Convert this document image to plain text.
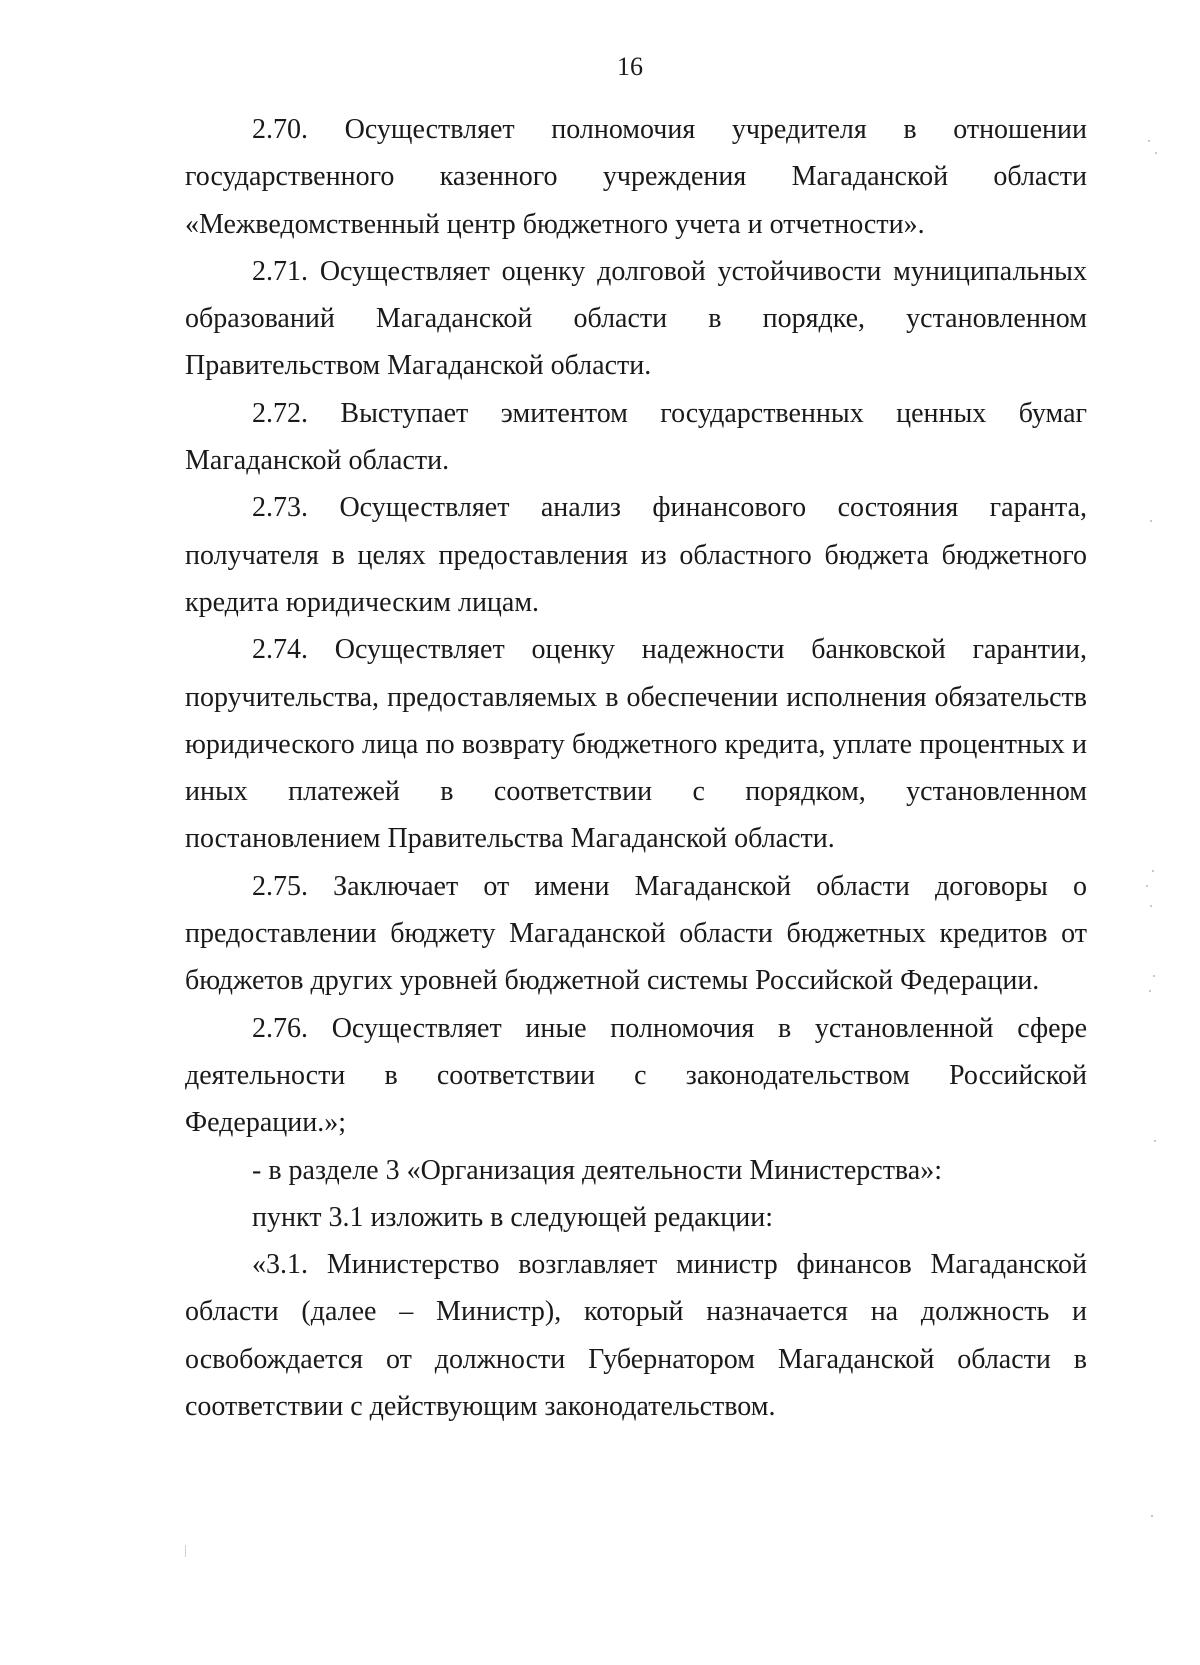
16

2.70. Осуществляет полномочия учредителя в отношении государственного казенного учреждения Магаданской области «Межведомственный центр бюджетного учета и отчетности».

2.71. Осуществляет оценку долговой устойчивости муниципальных образований Магаданской области в порядке, установленном Правительством Магаданской области.

2.72. Выступает эмитентом государственных ценных бумаг Магаданской области.

2.73. Осуществляет анализ финансового состояния гаранта, получателя в целях предоставления из областного бюджета бюджетного кредита юридическим лицам.

2.74. Осуществляет оценку надежности банковской гарантии, поручительства, предоставляемых в обеспечении исполнения обязательств юридического лица по возврату бюджетного кредита, уплате процентных и иных платежей в соответствии с порядком, установленном постановлением Правительства Магаданской области.

2.75. Заключает от имени Магаданской области договоры о предоставлении бюджету Магаданской области бюджетных кредитов от бюджетов других уровней бюджетной системы Российской Федерации.

2.76. Осуществляет иные полномочия в установленной сфере деятельности в соответствии с законодательством Российской Федерации.»;

- в разделе 3 «Организация деятельности Министерства»:

пункт 3.1 изложить в следующей редакции:

«3.1. Министерство возглавляет министр финансов Магаданской области (далее – Министр), который назначается на должность и освобождается от должности Губернатором Магаданской области в соответствии с действующим законодательством.
